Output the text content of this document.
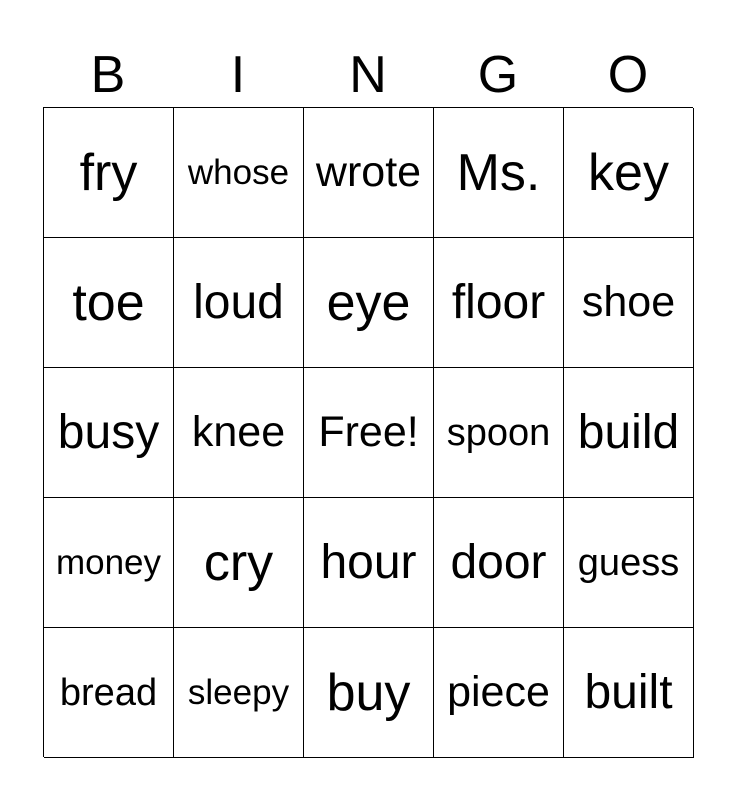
B	I	N	G	O
fry	whose wrote Ms. key
toe	loud eye floor shoe
busy knee Free! spoon build
money cry hour door guess
bread sleepy buy piece built
